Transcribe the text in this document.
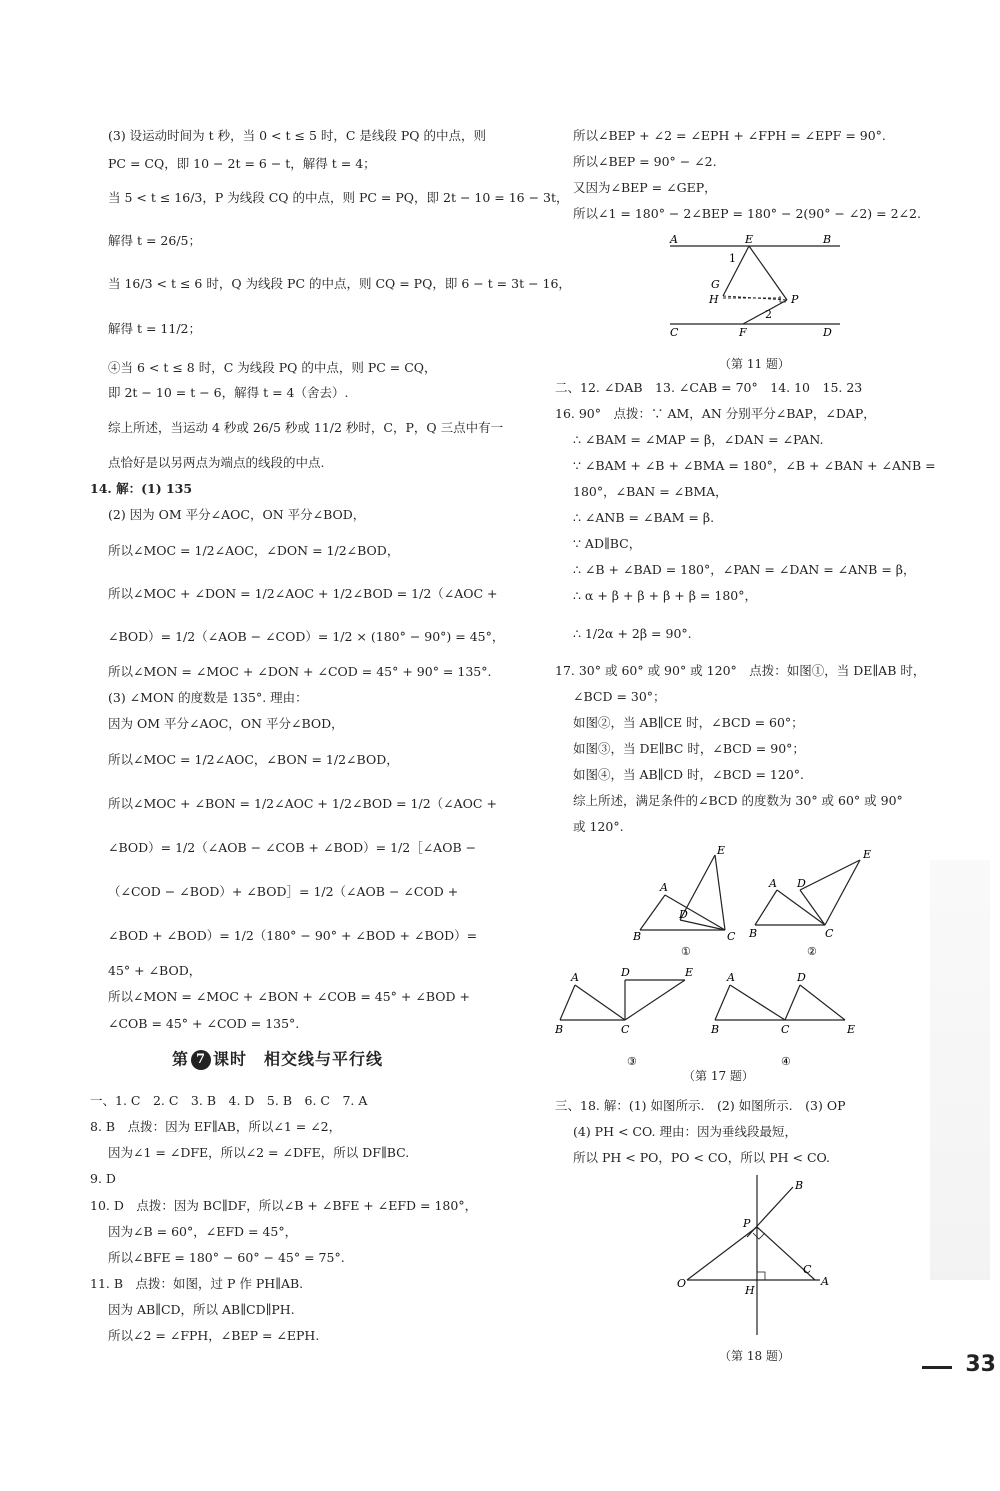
(3) 设运动时间为 t 秒，当 0 < t ≤ 5 时，C 是线段 PQ 的中点，则
PC = CQ，即 10 − 2t = 6 − t，解得 t = 4；
当 5 < t ≤ 16/3，P 为线段 CQ 的中点，则 PC = PQ，即 2t − 10 = 16 − 3t，
解得 t = 26/5；
当 16/3 < t ≤ 6 时，Q 为线段 PC 的中点，则 CQ = PQ，即 6 − t = 3t − 16，
解得 t = 11/2；
④当 6 < t ≤ 8 时，C 为线段 PQ 的中点，则 PC = CQ，
即 2t − 10 = t − 6，解得 t = 4（舍去）.
综上所述，当运动 4 秒或 26/5 秒或 11/2 秒时，C，P，Q 三点中有一
点恰好是以另两点为端点的线段的中点.
14. 解：(1) 135
(2) 因为 OM 平分∠AOC，ON 平分∠BOD，
所以∠MOC = 1/2∠AOC，∠DON = 1/2∠BOD，
所以∠MOC + ∠DON = 1/2∠AOC + 1/2∠BOD = 1/2（∠AOC +
∠BOD）= 1/2（∠AOB − ∠COD）= 1/2 × (180° − 90°) = 45°，
所以∠MON = ∠MOC + ∠DON + ∠COD = 45° + 90° = 135°.
(3) ∠MON 的度数是 135°. 理由：
因为 OM 平分∠AOC，ON 平分∠BOD，
所以∠MOC = 1/2∠AOC，∠BON = 1/2∠BOD，
所以∠MOC + ∠BON = 1/2∠AOC + 1/2∠BOD = 1/2（∠AOC +
∠BOD）= 1/2（∠AOB − ∠COB + ∠BOD）= 1/2［∠AOB −
（∠COD − ∠BOD）+ ∠BOD］= 1/2（∠AOB − ∠COD +
∠BOD + ∠BOD）= 1/2（180° − 90° + ∠BOD + ∠BOD）=
45° + ∠BOD，
所以∠MON = ∠MOC + ∠BON + ∠COB = 45° + ∠BOD +
∠COB = 45° + ∠COD = 135°.
第 7 课时　相交线与平行线
一、1. C　2. C　3. B　4. D　5. B　6. C　7. A
8. B　点拨：因为 EF∥AB，所以∠1 = ∠2，
因为∠1 = ∠DFE，所以∠2 = ∠DFE，所以 DF∥BC.
9. D
10. D　点拨：因为 BC∥DF，所以∠B + ∠BFE + ∠EFD = 180°，
因为∠B = 60°，∠EFD = 45°，
所以∠BFE = 180° − 60° − 45° = 75°.
11. B　点拨：如图，过 P 作 PH∥AB.
因为 AB∥CD，所以 AB∥CD∥PH.
所以∠2 = ∠FPH，∠BEP = ∠EPH.
所以∠BEP + ∠2 = ∠EPH + ∠FPH = ∠EPF = 90°.
所以∠BEP = 90° − ∠2.
又因为∠BEP = ∠GEP，
所以∠1 = 180° − 2∠BEP = 180° − 2(90° − ∠2) = 2∠2.
A	E	B
1
G
H	P
2
C	F	D
（第 11 题）
二、12. ∠DAB　13. ∠CAB = 70°　14. 10　15. 23
16. 90°　点拨：∵ AM，AN 分别平分∠BAP，∠DAP，
∴ ∠BAM = ∠MAP = β，∠DAN = ∠PAN.
∵ ∠BAM + ∠B + ∠BMA = 180°，∠B + ∠BAN + ∠ANB =
180°，∠BAN = ∠BMA，
∴ ∠ANB = ∠BAM = β.
∵ AD∥BC，
∴ ∠B + ∠BAD = 180°，∠PAN = ∠DAN = ∠ANB = β，
∴ α + β + β + β + β = 180°，
∴ 1/2α + 2β = 90°.
17. 30° 或 60° 或 90° 或 120°　点拨：如图①，当 DE∥AB 时，
∠BCD = 30°；
如图②，当 AB∥CE 时，∠BCD = 60°；
如图③，当 DE∥BC 时，∠BCD = 90°；
如图④，当 AB∥CD 时，∠BCD = 120°.
综上所述，满足条件的∠BCD 的度数为 30° 或 60° 或 90°
或 120°.
B
A
E
D
C
①
B
A D
E
C
②
B
A	D	E
C
③
B
A	D
C	E
④
（第 17 题）
三、18. 解：(1) 如图所示.　(2) 如图所示.　(3) OP
(4) PH < CO. 理由：因为垂线段最短，
所以 PH < PO，PO < CO，所以 PH < CO.
O
P
B
C
A
H
（第 18 题）	33
